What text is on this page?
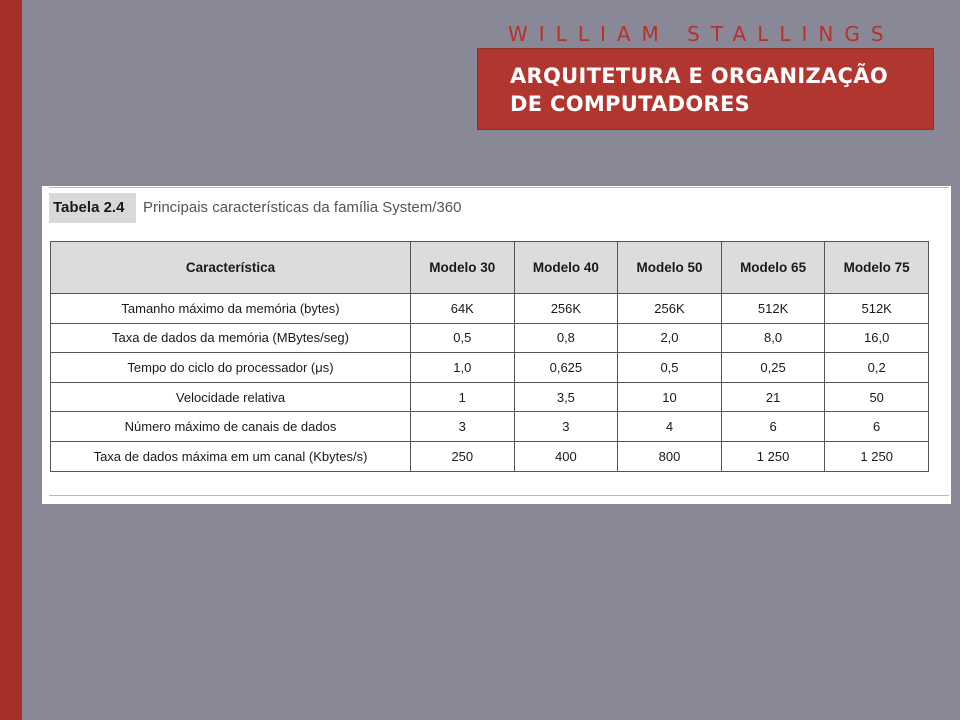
WILLIAM STALLINGS
ARQUITETURA E ORGANIZAÇÃO
DE COMPUTADORES
Tabela 2.4	Principais características da família System/360
Característica	Modelo 30	Modelo 40	Modelo 50	Modelo 65	Modelo 75
Tamanho máximo da memória (bytes)	64K	256K	256K	512K	512K
Taxa de dados da memória (MBytes/seg)	0,5	0,8	2,0	8,0	16,0
Tempo do ciclo do processador (μs)	1,0	0,625	0,5	0,25	0,2
Velocidade relativa	1	3,5	10	21	50
Número máximo de canais de dados	3	3	4	6	6
Taxa de dados máxima em um canal (Kbytes/s)	250	400	800	1 250	1 250
